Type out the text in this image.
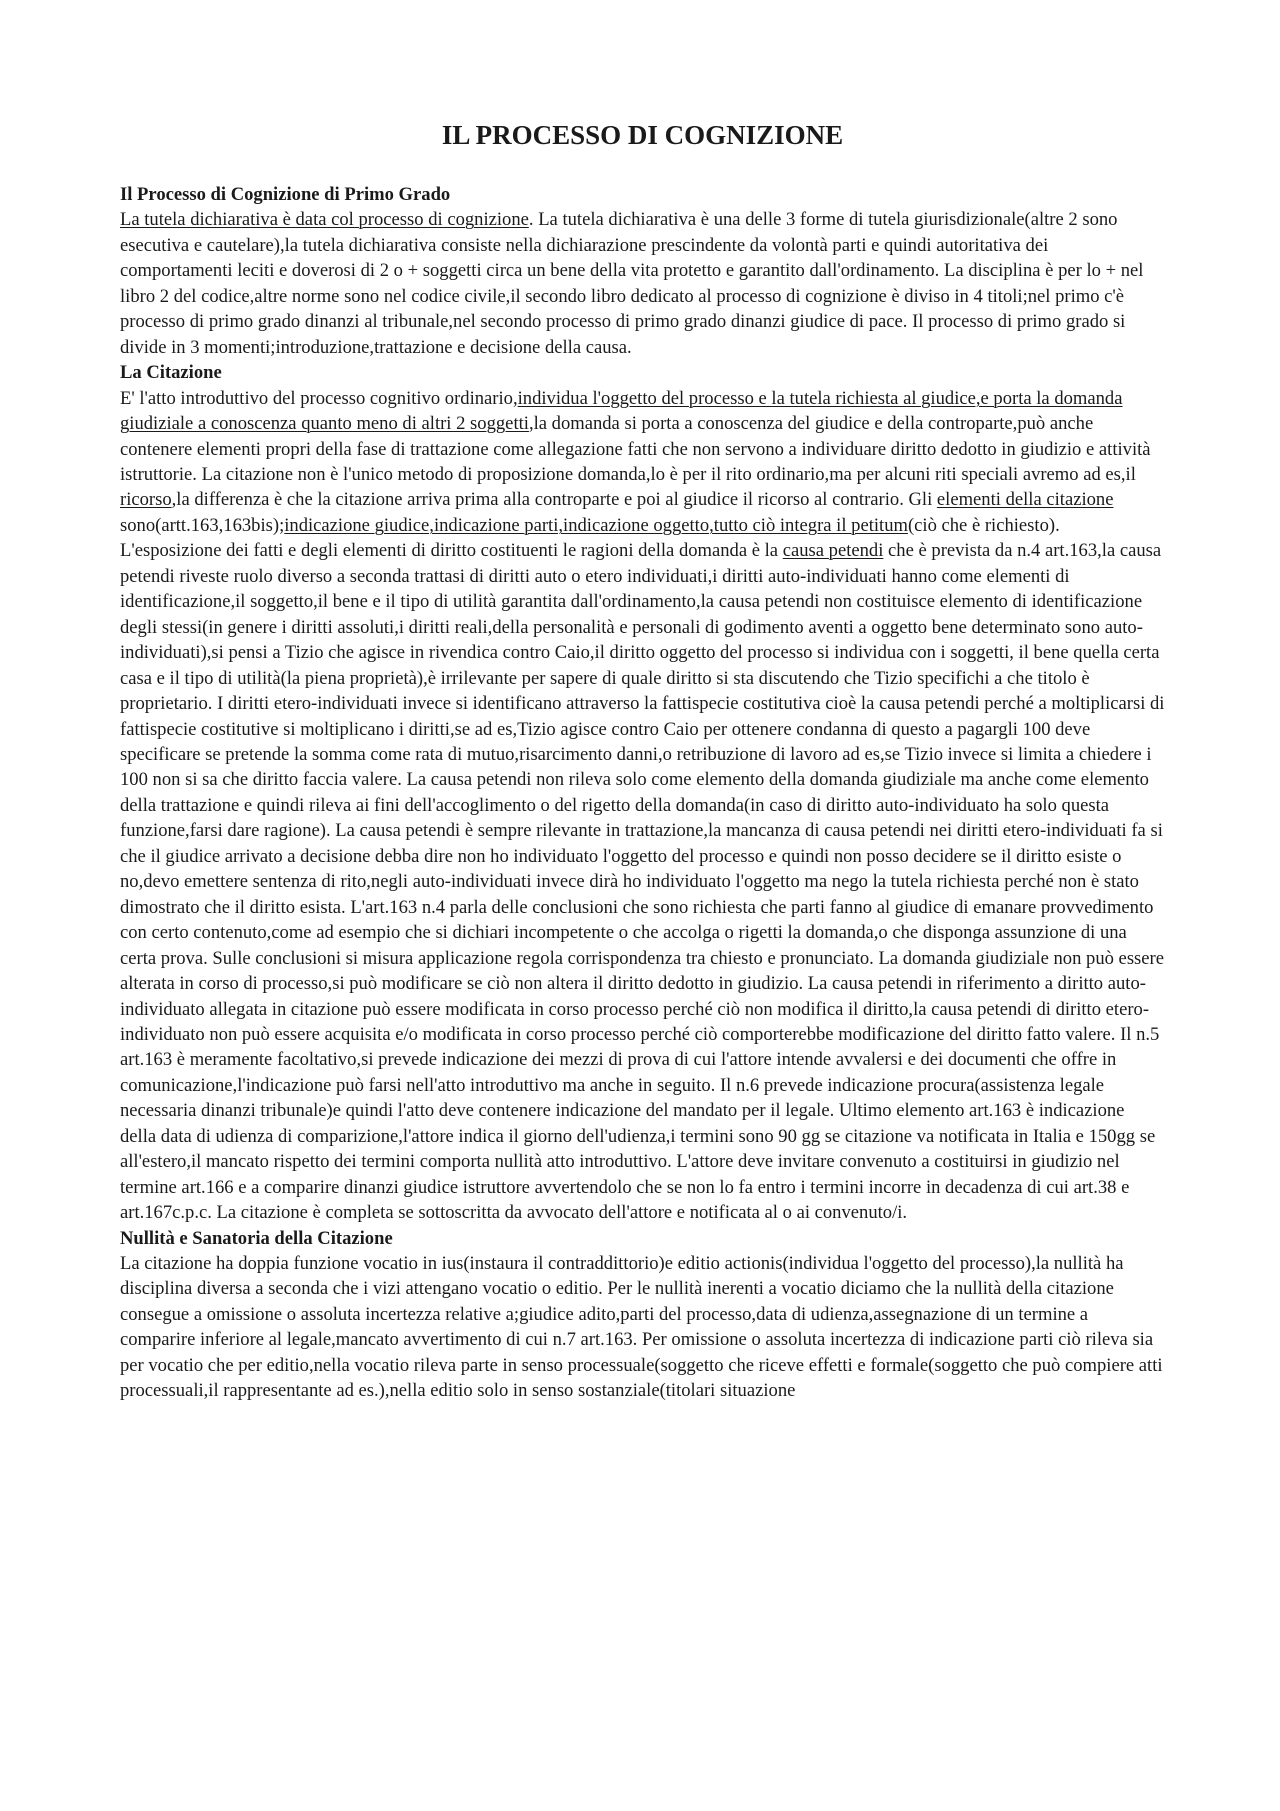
IL PROCESSO DI COGNIZIONE
Il Processo di Cognizione di Primo Grado

La tutela dichiarativa è data col processo di cognizione. La tutela dichiarativa è una delle 3 forme di tutela giurisdizionale(altre 2 sono esecutiva e cautelare),la tutela dichiarativa consiste nella dichiarazione prescindente da volontà parti e quindi autoritativa dei comportamenti leciti e doverosi di 2 o + soggetti circa un bene della vita protetto e garantito dall'ordinamento. La disciplina è per lo + nel libro 2 del codice,altre norme sono nel codice civile,il secondo libro dedicato al processo di cognizione è diviso in 4 titoli;nel primo c'è processo di primo grado dinanzi al tribunale,nel secondo processo di primo grado dinanzi giudice di pace. Il processo di primo grado si divide in 3 momenti;introduzione,trattazione e decisione della causa.

La Citazione

E' l'atto introduttivo del processo cognitivo ordinario,individua l'oggetto del processo e la tutela richiesta al giudice,e porta la domanda giudiziale a conoscenza quanto meno di altri 2 soggetti,la domanda si porta a conoscenza del giudice e della controparte,può anche contenere elementi propri della fase di trattazione come allegazione fatti che non servono a individuare diritto dedotto in giudizio e attività istruttorie. La citazione non è l'unico metodo di proposizione domanda,lo è per il rito ordinario,ma per alcuni riti speciali avremo ad es,il ricorso,la differenza è che la citazione arriva prima alla controparte e poi al giudice il ricorso al contrario. Gli elementi della citazione sono(artt.163,163bis);indicazione giudice,indicazione parti,indicazione oggetto,tutto ciò integra il petitum(ciò che è richiesto). L'esposizione dei fatti e degli elementi di diritto costituenti le ragioni della domanda è la causa petendi che è prevista da n.4 art.163,la causa petendi riveste ruolo diverso a seconda trattasi di diritti auto o etero individuati,i diritti auto-individuati hanno come elementi di identificazione,il soggetto,il bene e il tipo di utilità garantita dall'ordinamento,la causa petendi non costituisce elemento di identificazione degli stessi(in genere i diritti assoluti,i diritti reali,della personalità e personali di godimento aventi a oggetto bene determinato sono auto-individuati),si pensi a Tizio che agisce in rivendica contro Caio,il diritto oggetto del processo si individua con i soggetti, il bene quella certa casa e il tipo di utilità(la piena proprietà),è irrilevante per sapere di quale diritto si sta discutendo che Tizio specifichi a che titolo è proprietario. I diritti etero-individuati invece si identificano attraverso la fattispecie costitutiva cioè la causa petendi perché a moltiplicarsi di fattispecie costitutive si moltiplicano i diritti,se ad es,Tizio agisce contro Caio per ottenere condanna di questo a pagargli 100 deve specificare se pretende la somma come rata di mutuo,risarcimento danni,o retribuzione di lavoro ad es,se Tizio invece si limita a chiedere i 100 non si sa che diritto faccia valere. La causa petendi non rileva solo come elemento della domanda giudiziale ma anche come elemento della trattazione e quindi rileva ai fini dell'accoglimento o del rigetto della domanda(in caso di diritto auto-individuato ha solo questa funzione,farsi dare ragione). La causa petendi è sempre rilevante in trattazione,la mancanza di causa petendi nei diritti etero-individuati fa si che il giudice arrivato a decisione debba dire non ho individuato l'oggetto del processo e quindi non posso decidere se il diritto esiste o no,devo emettere sentenza di rito,negli auto-individuati invece dirà ho individuato l'oggetto ma nego la tutela richiesta perché non è stato dimostrato che il diritto esista. L'art.163 n.4 parla delle conclusioni che sono richiesta che parti fanno al giudice di emanare provvedimento con certo contenuto,come ad esempio che si dichiari incompetente o che accolga o rigetti la domanda,o che disponga assunzione di una certa prova. Sulle conclusioni si misura applicazione regola corrispondenza tra chiesto e pronunciato. La domanda giudiziale non può essere alterata in corso di processo,si può modificare se ciò non altera il diritto dedotto in giudizio. La causa petendi in riferimento a diritto auto-individuato allegata in citazione può essere modificata in corso processo perché ciò non modifica il diritto,la causa petendi di diritto etero-individuato non può essere acquisita e/o modificata in corso processo perché ciò comporterebbe modificazione del diritto fatto valere. Il n.5 art.163 è meramente facoltativo,si prevede indicazione dei mezzi di prova di cui l'attore intende avvalersi e dei documenti che offre in comunicazione,l'indicazione può farsi nell'atto introduttivo ma anche in seguito. Il n.6 prevede indicazione procura(assistenza legale necessaria dinanzi tribunale)e quindi l'atto deve contenere indicazione del mandato per il legale. Ultimo elemento art.163 è indicazione della data di udienza di comparizione,l'attore indica il giorno dell'udienza,i termini sono 90 gg se citazione va notificata in Italia e 150gg se all'estero,il mancato rispetto dei termini comporta nullità atto introduttivo. L'attore deve invitare convenuto a costituirsi in giudizio nel termine art.166 e a comparire dinanzi giudice istruttore avvertendolo che se non lo fa entro i termini incorre in decadenza di cui art.38 e art.167c.p.c. La citazione è completa se sottoscritta da avvocato dell'attore e notificata al o ai convenuto/i.

Nullità e Sanatoria della Citazione

La citazione ha doppia funzione vocatio in ius(instaura il contraddittorio)e editio actionis(individua l'oggetto del processo),la nullità ha disciplina diversa a seconda che i vizi attengano vocatio o editio. Per le nullità inerenti a vocatio diciamo che la nullità della citazione consegue a omissione o assoluta incertezza relative a;giudice adito,parti del processo,data di udienza,assegnazione di un termine a comparire inferiore al legale,mancato avvertimento di cui n.7 art.163. Per omissione o assoluta incertezza di indicazione parti ciò rileva sia per vocatio che per editio,nella vocatio rileva parte in senso processuale(soggetto che riceve effetti e formale(soggetto che può compiere atti processuali,il rappresentante ad es.),nella editio solo in senso sostanziale(titolari situazione
